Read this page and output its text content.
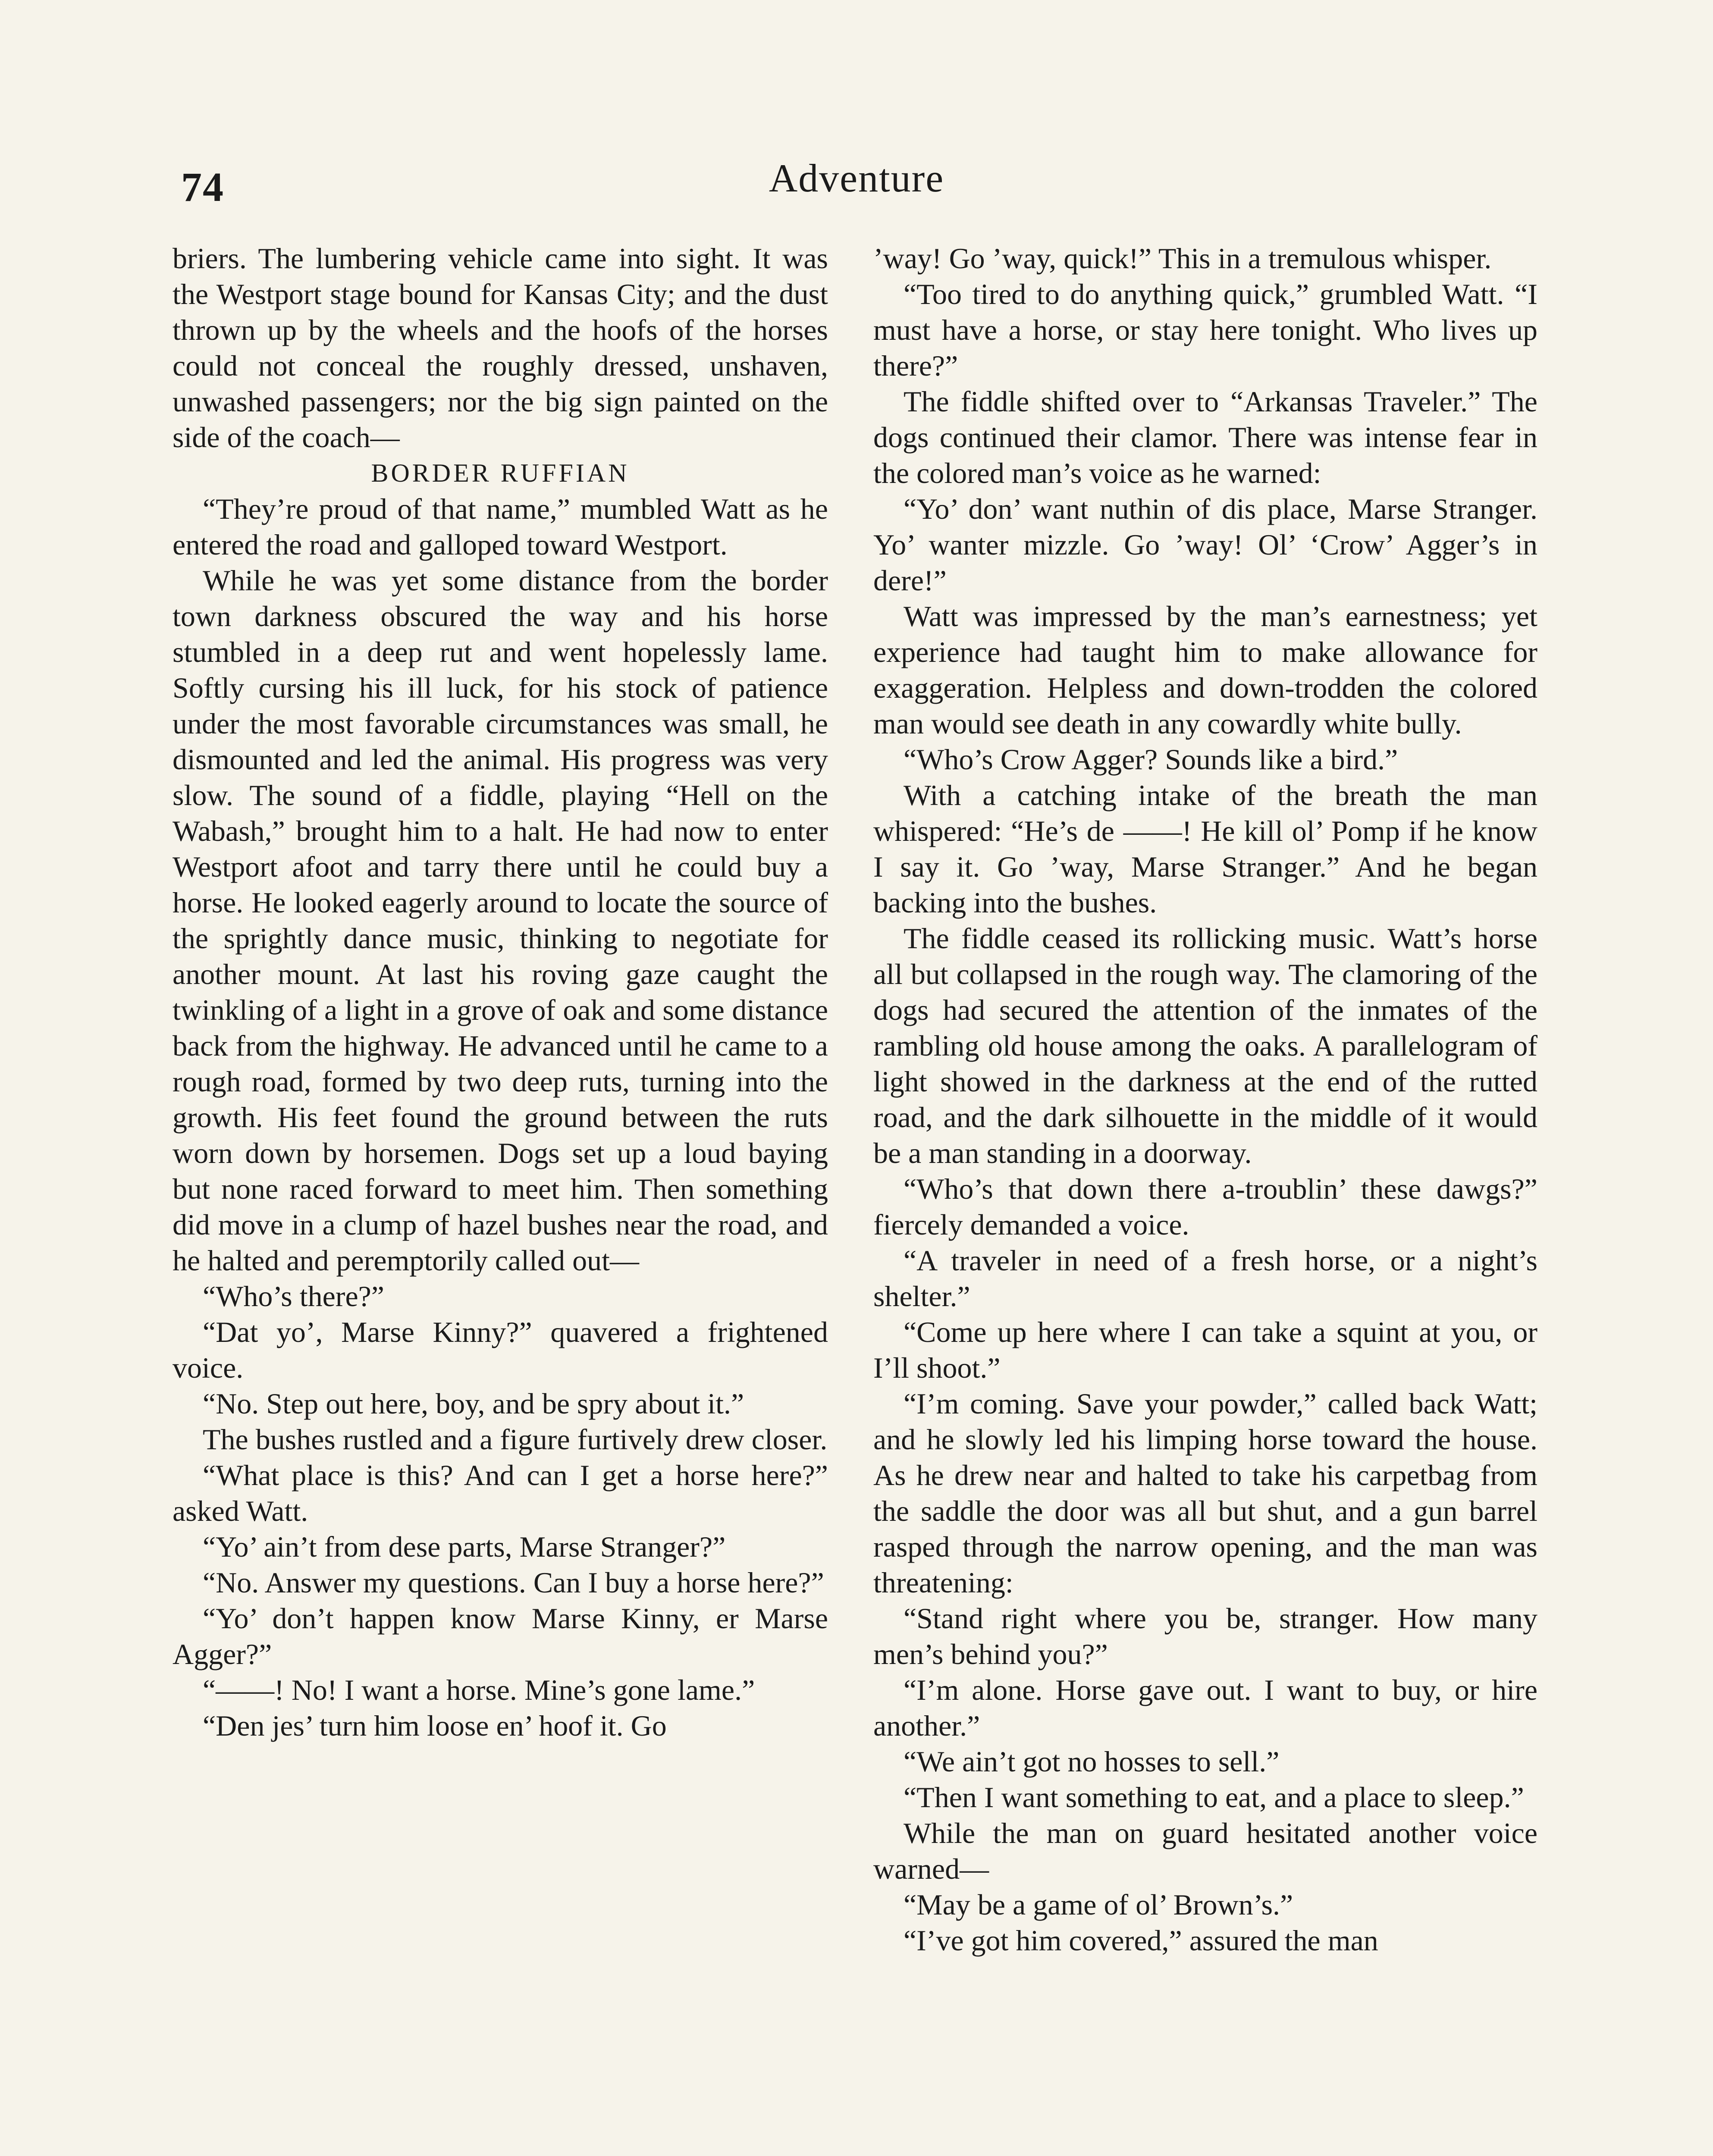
74	Adventure

briers. The lumbering vehicle came into sight. It was the Westport stage bound for Kansas City; and the dust thrown up by the wheels and the hoofs of the horses could not conceal the roughly dressed, unshaven, unwashed passengers; nor the big sign painted on the side of the coach—

BORDER RUFFIAN

“They’re proud of that name,” mumbled Watt as he entered the road and galloped toward Westport.

While he was yet some distance from the border town darkness obscured the way and his horse stumbled in a deep rut and went hopelessly lame. Softly cursing his ill luck, for his stock of patience under the most favorable circumstances was small, he dismounted and led the animal. His progress was very slow. The sound of a fiddle, playing “Hell on the Wabash,” brought him to a halt. He had now to enter Westport afoot and tarry there until he could buy a horse. He looked eagerly around to locate the source of the sprightly dance music, thinking to negotiate for another mount. At last his roving gaze caught the twinkling of a light in a grove of oak and some distance back from the highway. He advanced until he came to a rough road, formed by two deep ruts, turning into the growth. His feet found the ground between the ruts worn down by horsemen. Dogs set up a loud baying but none raced forward to meet him. Then something did move in a clump of hazel bushes near the road, and he halted and peremptorily called out—

“Who’s there?”

“Dat yo’, Marse Kinny?” quavered a frightened voice.

“No. Step out here, boy, and be spry about it.”

The bushes rustled and a figure furtively drew closer.

“What place is this? And can I get a horse here?” asked Watt.

“Yo’ ain’t from dese parts, Marse Stranger?”

“No. Answer my questions. Can I buy a horse here?”

“Yo’ don’t happen know Marse Kinny, er Marse Agger?”

“——! No! I want a horse. Mine’s gone lame.”

“Den jes’ turn him loose en’ hoof it. Go

’way! Go ’way, quick!” This in a tremulous whisper.

“Too tired to do anything quick,” grumbled Watt. “I must have a horse, or stay here tonight. Who lives up there?”

The fiddle shifted over to “Arkansas Traveler.” The dogs continued their clamor. There was intense fear in the colored man’s voice as he warned:

“Yo’ don’ want nuthin of dis place, Marse Stranger. Yo’ wanter mizzle. Go ’way! Ol’ ‘Crow’ Agger’s in dere!”

Watt was impressed by the man’s earnestness; yet experience had taught him to make allowance for exaggeration. Helpless and down-trodden the colored man would see death in any cowardly white bully.

“Who’s Crow Agger? Sounds like a bird.”

With a catching intake of the breath the man whispered: “He’s de ——! He kill ol’ Pomp if he know I say it. Go ’way, Marse Stranger.” And he began backing into the bushes.

The fiddle ceased its rollicking music. Watt’s horse all but collapsed in the rough way. The clamoring of the dogs had secured the attention of the inmates of the rambling old house among the oaks. A parallelogram of light showed in the darkness at the end of the rutted road, and the dark silhouette in the middle of it would be a man standing in a doorway.

“Who’s that down there a-troublin’ these dawgs?” fiercely demanded a voice.

“A traveler in need of a fresh horse, or a night’s shelter.”

“Come up here where I can take a squint at you, or I’ll shoot.”

“I’m coming. Save your powder,” called back Watt; and he slowly led his limping horse toward the house. As he drew near and halted to take his carpetbag from the saddle the door was all but shut, and a gun barrel rasped through the narrow opening, and the man was threatening:

“Stand right where you be, stranger. How many men’s behind you?”

“I’m alone. Horse gave out. I want to buy, or hire another.”

“We ain’t got no hosses to sell.”

“Then I want something to eat, and a place to sleep.”

While the man on guard hesitated another voice warned—

“May be a game of ol’ Brown’s.”

“I’ve got him covered,” assured the man
